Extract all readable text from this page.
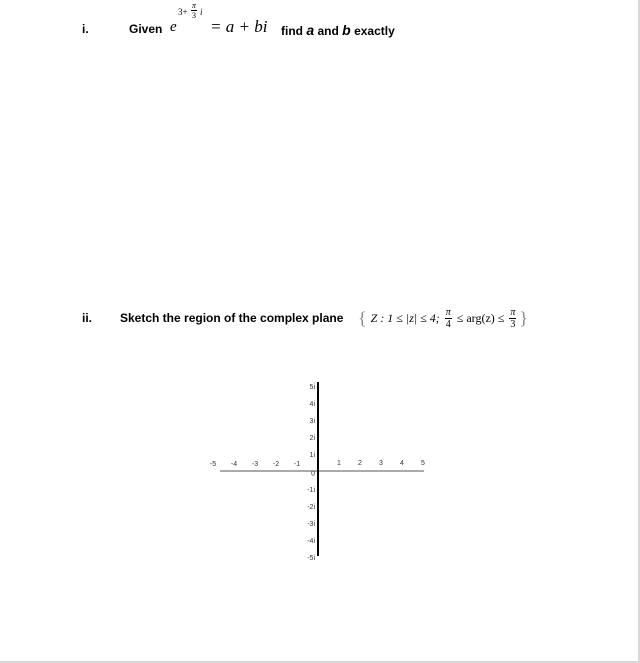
i.	Given e
3+
π
3 i
= a + bi find a and b exactly
ii. Sketch the region of the complex plane { Z : 1 ≤ |z| ≤ 4; $\frac{\pi}{4} \le arg(z) \le \frac{\pi}{3}$ }
-5 -4 -3 -2 -1	1 2 3 4 5
5i
4i
3i
2i
1i
0
-1i
-2i
-3i
-4i
-5i
